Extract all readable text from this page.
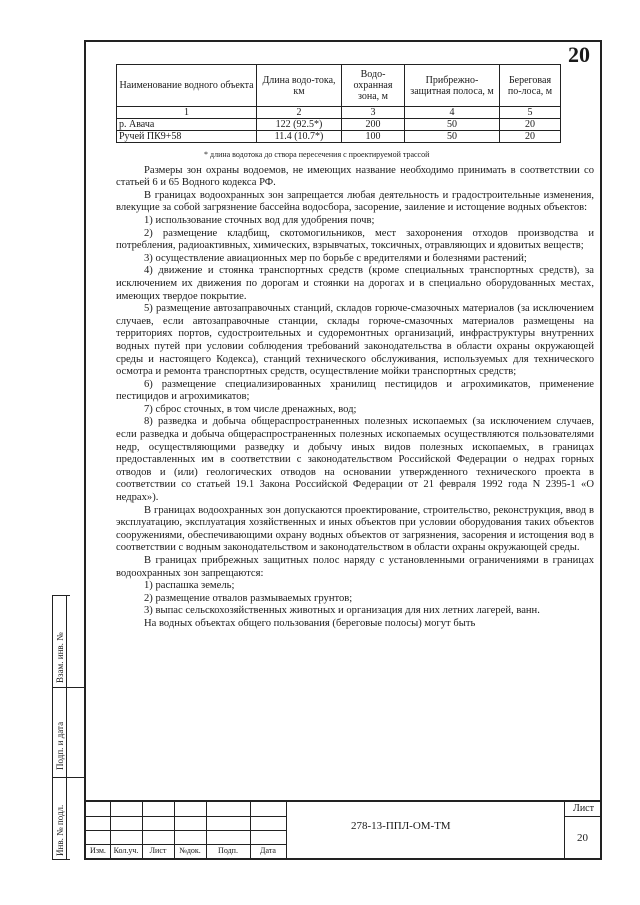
20
Наименование водного объекта	Длина водо-тока, км	Водо-охранная зона, м	Прибрежно-защитная полоса, м	Береговая по-лоса, м
1	2	3	4	5
р. Авача	122 (92.5*)	200	50	20
Ручей ПК9+58	11.4 (10.7*)	100	50	20
* длина водотока до створа пересечения с проектируемой трассой

Размеры зон охраны водоемов, не имеющих название необходимо принимать в соответствии со статьей 6 и 65 Водного кодекса РФ.

В границах водоохранных зон запрещается любая деятельность и градостроительные изменения, влекущие за собой загрязнение бассейна водосбора, засорение, заиление и истощение водных объектов:

1) использование сточных вод для удобрения почв;

2) размещение кладбищ, скотомогильников, мест захоронения отходов производства и потребления, радиоактивных, химических, взрывчатых, токсичных, отравляющих и ядовитых веществ;

3) осуществление авиационных мер по борьбе с вредителями и болезнями растений;

4) движение и стоянка транспортных средств (кроме специальных транспортных средств), за исключением их движения по дорогам и стоянки на дорогах и в специально оборудованных местах, имеющих твердое покрытие.

5) размещение автозаправочных станций, складов горюче-смазочных материалов (за исключением случаев, если автозаправочные станции, склады горюче-смазочных материалов размещены на территориях портов, судостроительных и судоремонтных организаций, инфраструктуры внутренних водных путей при условии соблюдения требований законодательства в области охраны окружающей среды и настоящего Кодекса), станций технического обслуживания, используемых для технического осмотра и ремонта транспортных средств, осуществление мойки транспортных средств;

6) размещение специализированных хранилищ пестицидов и агрохимикатов, применение пестицидов и агрохимикатов;

7) сброс сточных, в том числе дренажных, вод;

8) разведка и добыча общераспространенных полезных ископаемых (за исключением случаев, если разведка и добыча общераспространенных полезных ископаемых осуществляются пользователями недр, осуществляющими разведку и добычу иных видов полезных ископаемых, в границах предоставленных им в соответствии с законодательством Российской Федерации о недрах горных отводов и (или) геологических отводов на основании утвержденного технического проекта в соответствии со статьей 19.1 Закона Российской Федерации от 21 февраля 1992 года N 2395-1 «О недрах»).

В границах водоохранных зон допускаются проектирование, строительство, реконструкция, ввод в эксплуатацию, эксплуатация хозяйственных и иных объектов при условии оборудования таких объектов сооружениями, обеспечивающими охрану водных объектов от загрязнения, засорения и истощения вод в соответствии с водным законодательством и законодательством в области охраны окружающей среды.

В границах прибрежных защитных полос наряду с установленными ограничениями в границах водоохранных зон запрещаются:

1) распашка земель;

2) размещение отвалов размываемых грунтов;

3) выпас сельскохозяйственных животных и организация для них летних лагерей, ванн.

На водных объектах общего пользования (береговые полосы) могут быть

Изм. Кол.уч.	Лист	№док.	Подп.	Дата
278-13-ППЛ-ОМ-ТМ
Лист
20
Взам. инв. №
Подп. и дата
Инв. № подл.
